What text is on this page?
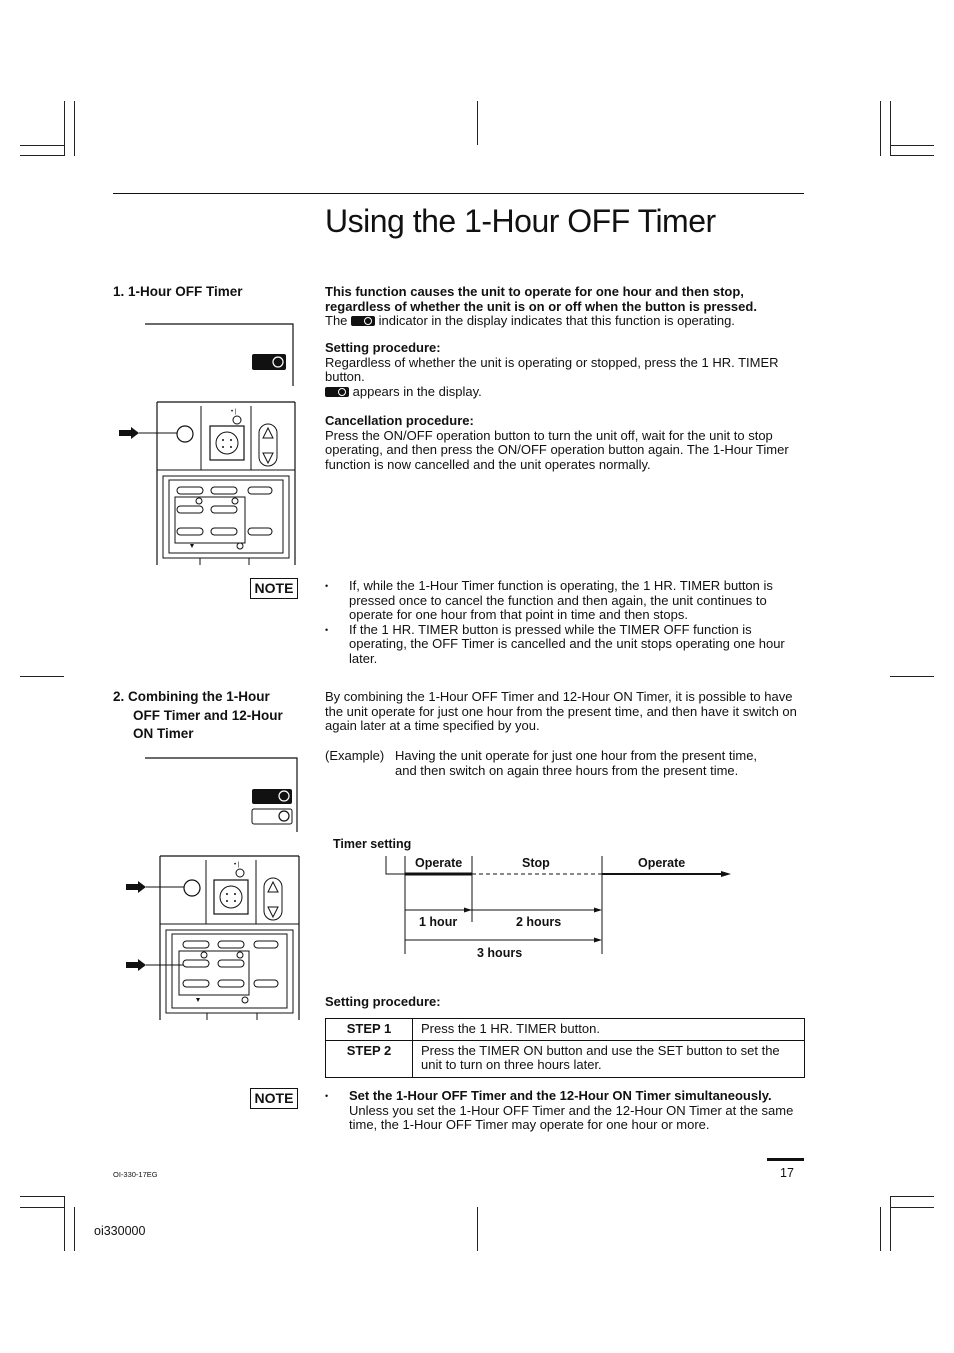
Using the 1-Hour OFF Timer
1. 1-Hour OFF Timer
• |
This function causes the unit to operate for one hour and then stop, regardless of whether the unit is on or off when the button is pressed.
The indicator in the display indicates that this function is operating.
Setting procedure:
Regardless of whether the unit is operating or stopped, press the 1 HR. TIMER button.
appears in the display.
Cancellation procedure:
Press the ON/OFF operation button to turn the unit off, wait for the unit to stop operating, and then press the ON/OFF operation button again. The 1-Hour Timer function is now cancelled and the unit operates normally.
NOTE	• If, while the 1-Hour Timer function is operating, the 1 HR. TIMER button is pressed once to cancel the function and then again, the unit continues to operate for one hour from that point in time and then stops.
• If the 1 HR. TIMER button is pressed while the TIMER OFF function is operating, the OFF Timer is cancelled and the unit stops operating one hour later.
2. Combining the 1-Hour
OFF Timer and 12-Hour
ON Timer
• |
By combining the 1-Hour OFF Timer and 12-Hour ON Timer, it is possible to have the unit operate for just one hour from the present time, and then have it switch on again later at a time specified by you.
(Example) Having the unit operate for just one hour from the present time,
and then switch on again three hours from the present time.
Timer setting
Operate	Stop	Operate
1 hour	2 hours
3 hours
Setting procedure:
STEP 1	Press the 1 HR. TIMER button.
STEP 2	Press the TIMER ON button and use the SET button to set the unit to turn on three hours later.
NOTE	• Set the 1-Hour OFF Timer and the 12-Hour ON Timer simultaneously.
Unless you set the 1-Hour OFF Timer and the 12-Hour ON Timer at the same time, the 1-Hour OFF Timer may operate for one hour or more.
17
OI-330-17EG
oi330000
